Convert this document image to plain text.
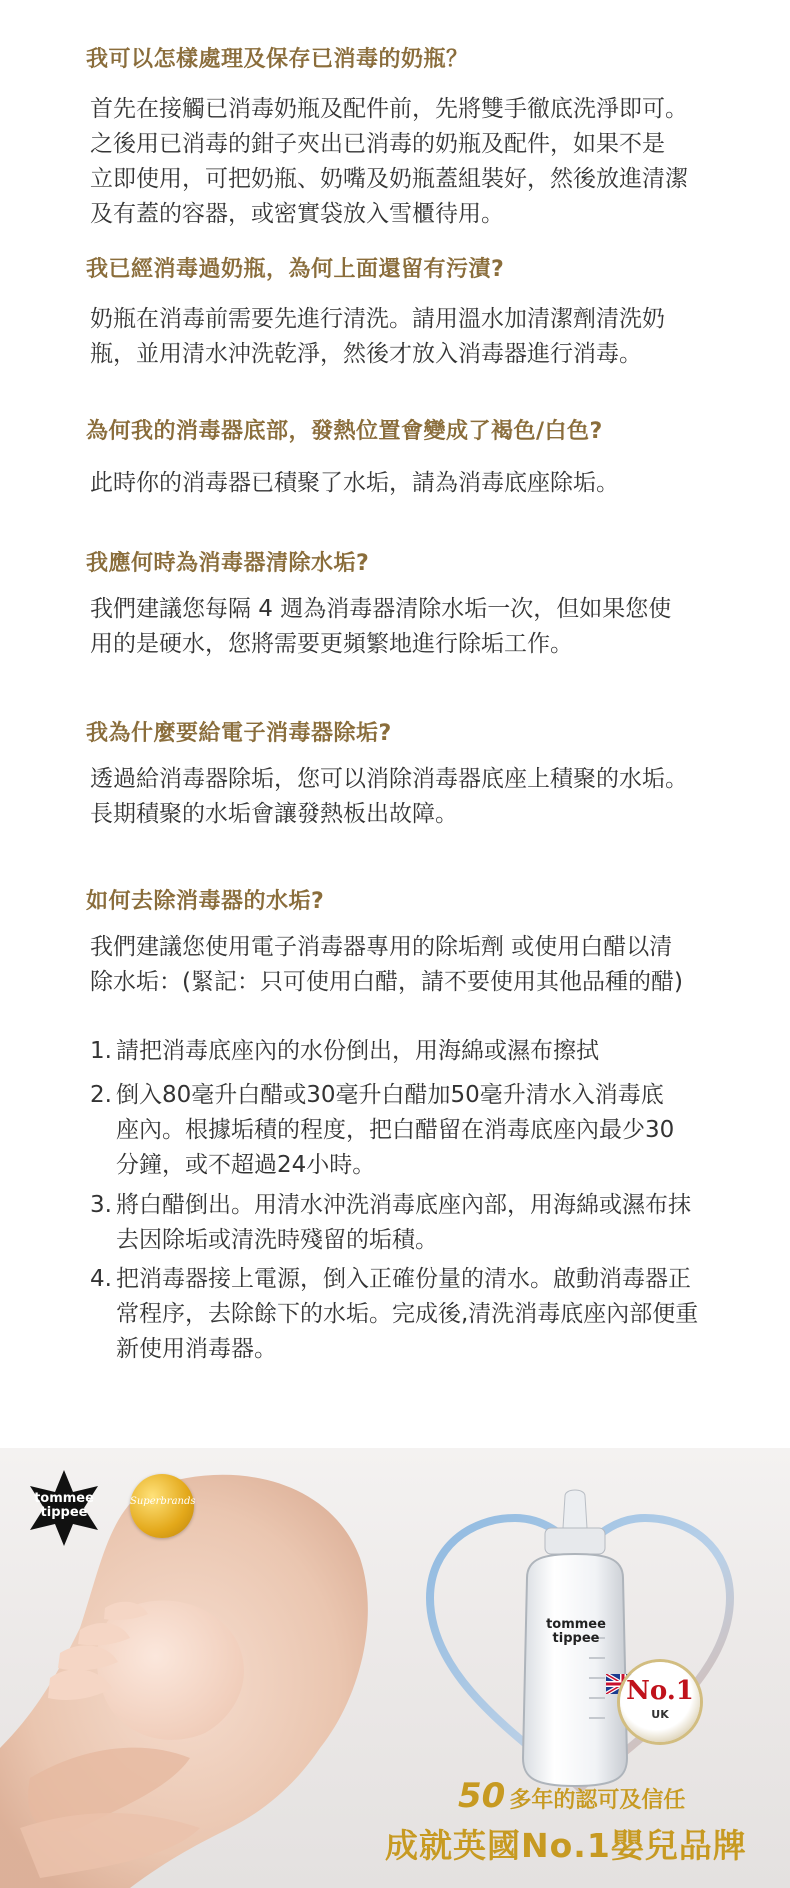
我可以怎樣處理及保存已消毒的奶瓶？
首先在接觸已消毒奶瓶及配件前，先將雙手徹底洗淨即可。
之後用已消毒的鉗子夾出已消毒的奶瓶及配件，如果不是
立即使用，可把奶瓶、奶嘴及奶瓶蓋組裝好，然後放進清潔
及有蓋的容器，或密實袋放入雪櫃待用。
我已經消毒過奶瓶，為何上面還留有污漬?
奶瓶在消毒前需要先進行清洗。請用溫水加清潔劑清洗奶
瓶，並用清水沖洗乾淨，然後才放入消毒器進行消毒。
為何我的消毒器底部，發熱位置會變成了褐色/白色?
此時你的消毒器已積聚了水垢，請為消毒底座除垢。
我應何時為消毒器清除水垢?
我們建議您每隔 4 週為消毒器清除水垢一次，但如果您使
用的是硬水，您將需要更頻繁地進行除垢工作。
我為什麼要給電子消毒器除垢?
透過給消毒器除垢，您可以消除消毒器底座上積聚的水垢。
長期積聚的水垢會讓發熱板出故障。
如何去除消毒器的水垢?
我們建議您使用電子消毒器專用的除垢劑 或使用白醋以清
除水垢：(緊記：只可使用白醋，請不要使用其他品種的醋)
1. 請把消毒底座內的水份倒出，用海綿或濕布擦拭
2. 倒入80毫升白醋或30毫升白醋加50毫升清水入消毒底
座內。根據垢積的程度，把白醋留在消毒底座內最少30
分鐘，或不超過24小時。
3. 將白醋倒出。用清水沖洗消毒底座內部，用海綿或濕布抹
去因除垢或清洗時殘留的垢積。
4. 把消毒器接上電源，倒入正確份量的清水。啟動消毒器正
常程序，去除餘下的水垢。完成後,清洗消毒底座內部便重
新使用消毒器。
tommee
tippee
Superbrands
tommee
tippee
No.1
UK
50 多年的認可及信任
成就英國No.1嬰兒品牌
